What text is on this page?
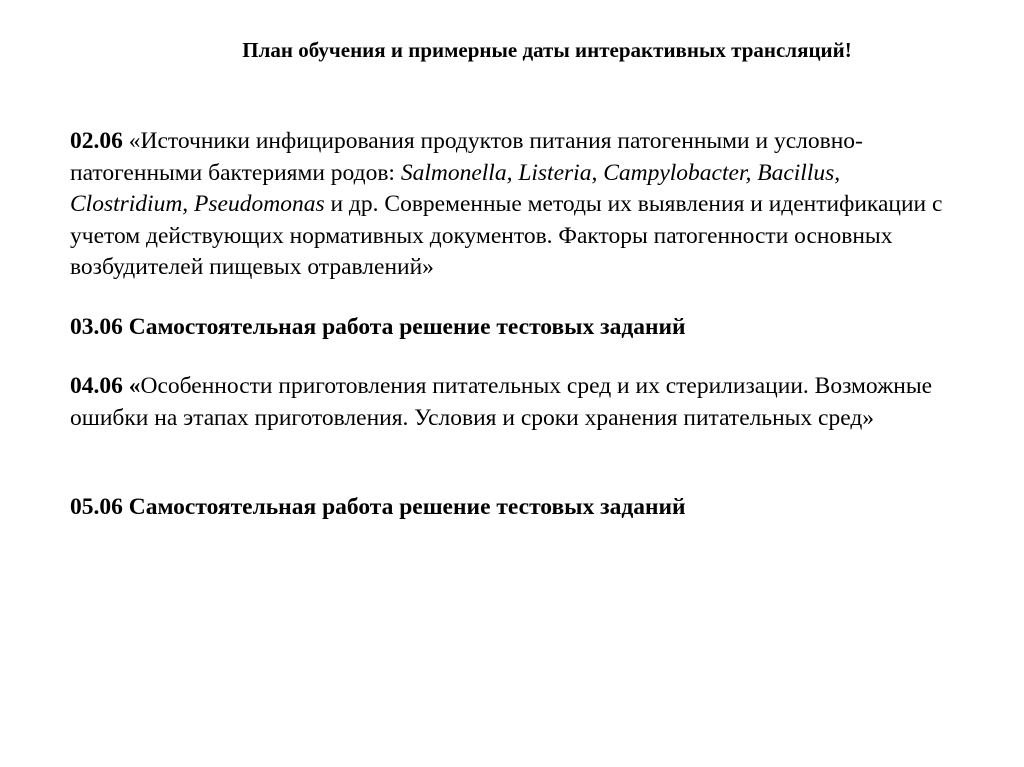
План обучения и примерные даты интерактивных трансляций!

02.06 «Источники инфицирования продуктов питания патогенными и условно-патогенными бактериями родов: Salmonella, Listeria, Campylobacter, Bacillus, Clostridium, Pseudomonas и др. Современные методы их выявления и идентификации с учетом действующих нормативных документов. Факторы патогенности основных возбудителей пищевых отравлений»

03.06 Самостоятельная работа решение тестовых заданий

04.06 «Особенности приготовления питательных сред и их стерилизации. Возможные ошибки на этапах приготовления. Условия и сроки хранения питательных сред»

05.06 Самостоятельная работа решение тестовых заданий
